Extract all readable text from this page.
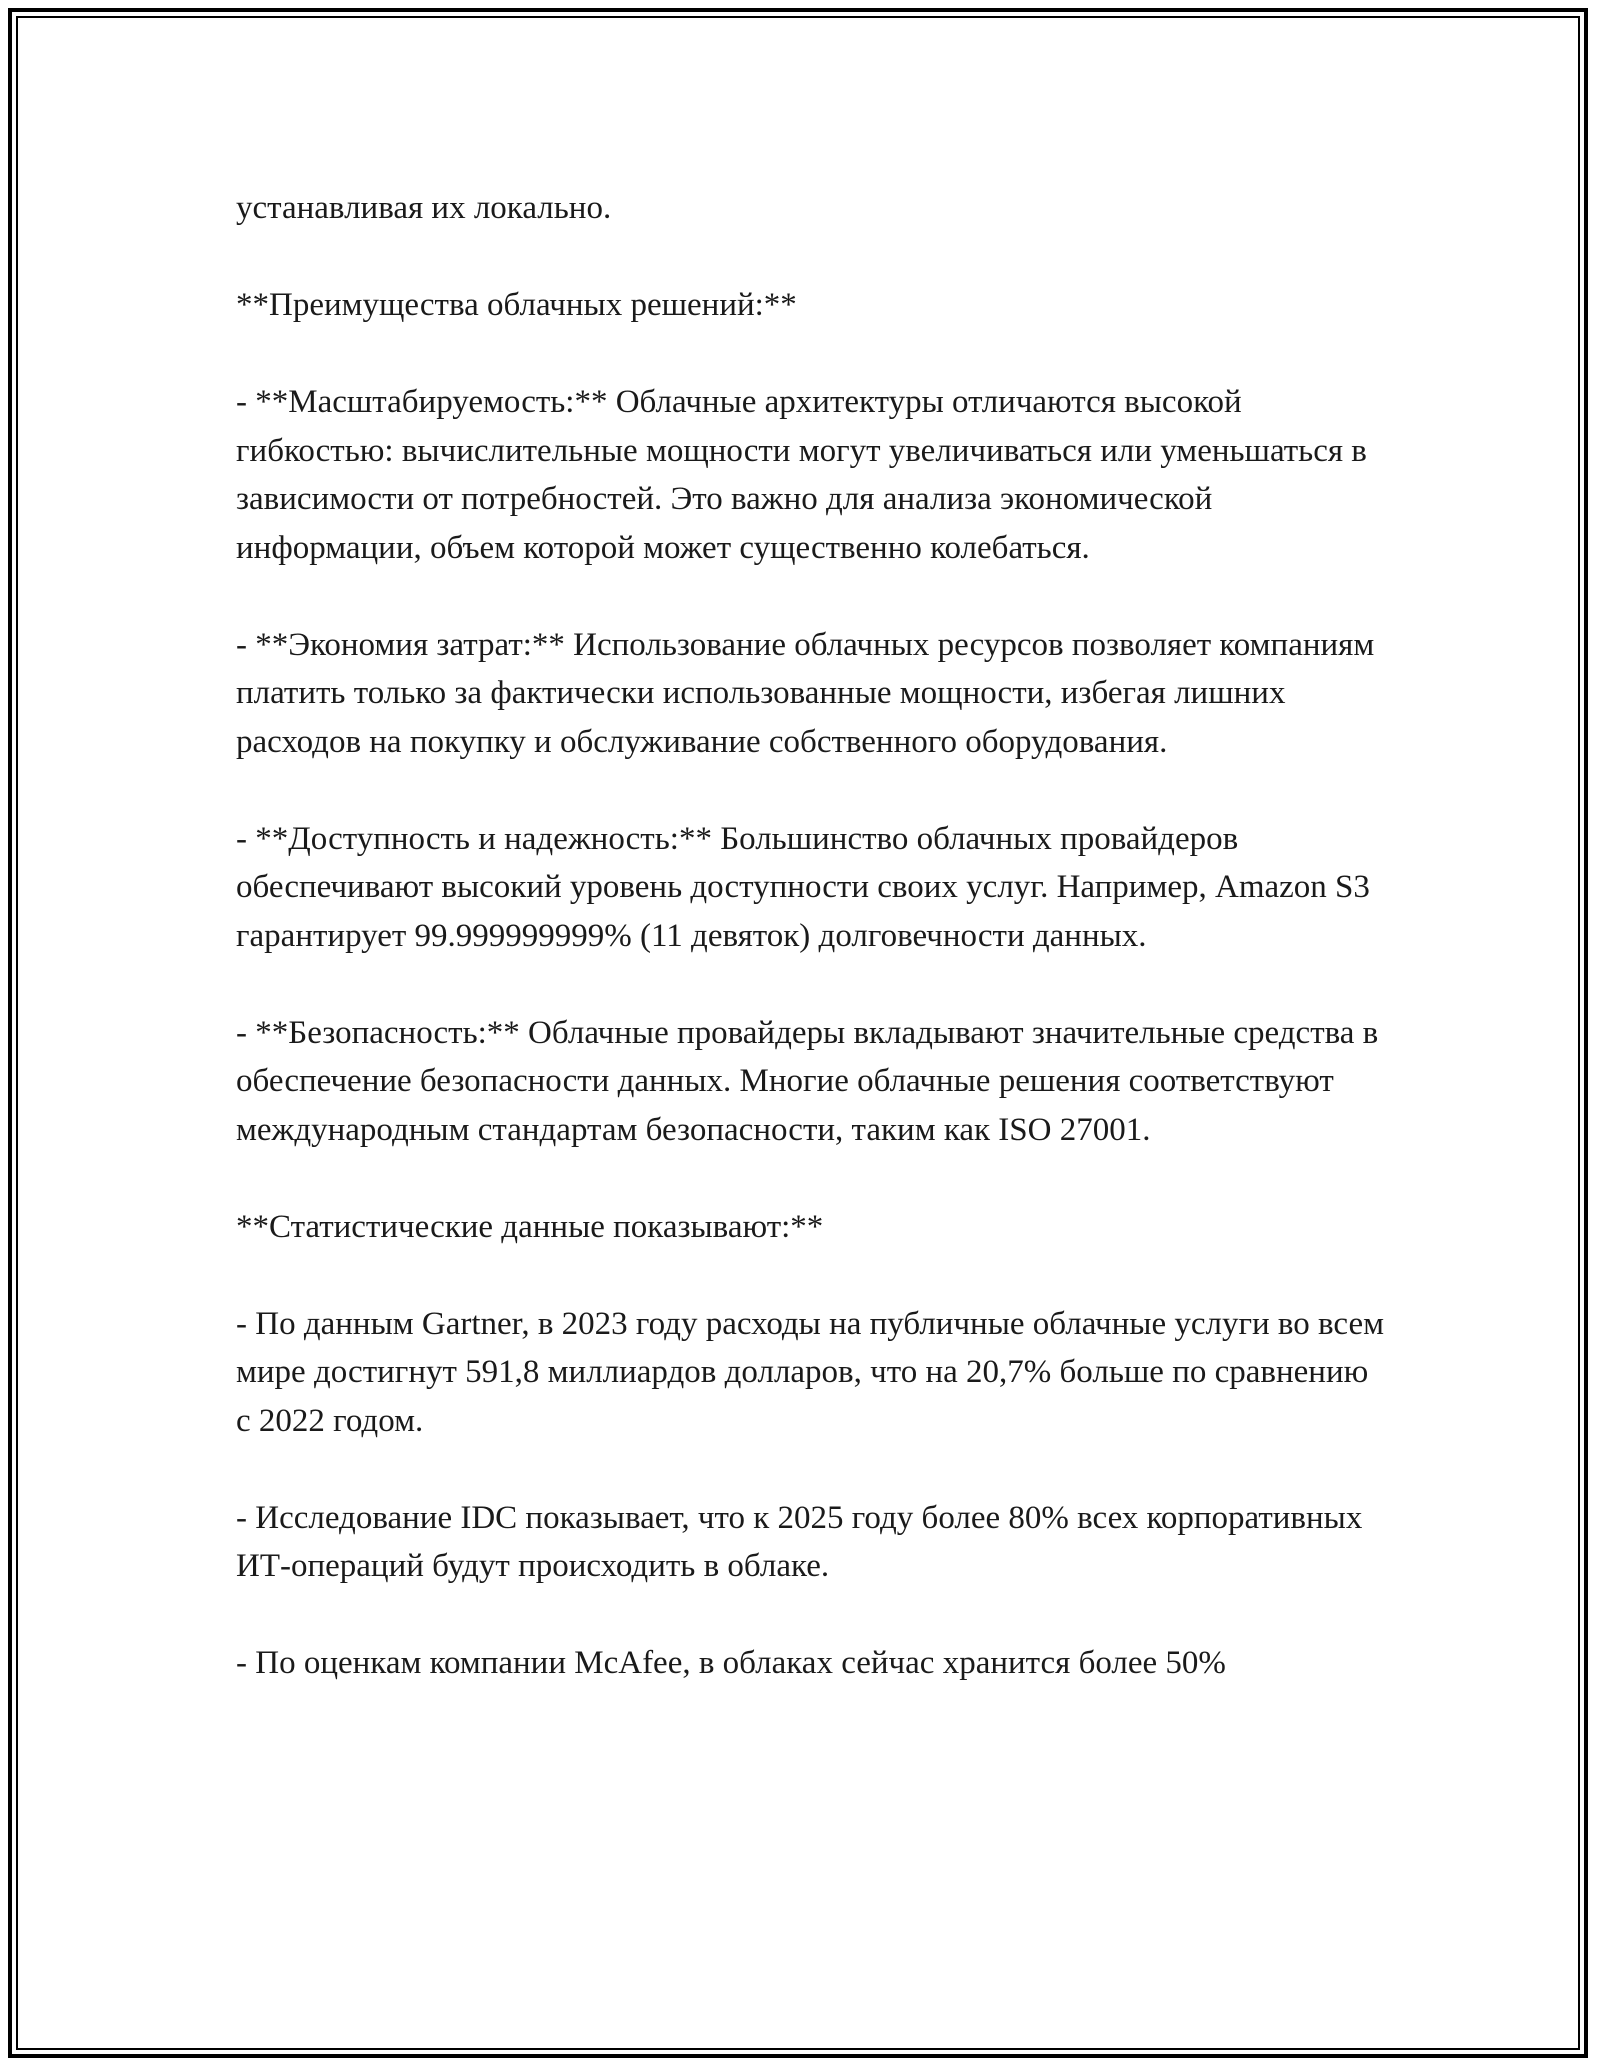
устанавливая их локально.

**Преимущества облачных решений:**

- **Масштабируемость:** Облачные архитектуры отличаются высокой гибкостью: вычислительные мощности могут увеличиваться или уменьшаться в зависимости от потребностей. Это важно для анализа экономической информации, объем которой может существенно колебаться.

- **Экономия затрат:** Использование облачных ресурсов позволяет компаниям платить только за фактически использованные мощности, избегая лишних расходов на покупку и обслуживание собственного оборудования.

- **Доступность и надежность:** Большинство облачных провайдеров обеспечивают высокий уровень доступности своих услуг. Например, Amazon S3 гарантирует 99.999999999% (11 девяток) долговечности данных.

- **Безопасность:** Облачные провайдеры вкладывают значительные средства в обеспечение безопасности данных. Многие облачные решения соответствуют международным стандартам безопасности, таким как ISO 27001.

**Статистические данные показывают:**

- По данным Gartner, в 2023 году расходы на публичные облачные услуги во всем мире достигнут 591,8 миллиардов долларов, что на 20,7% больше по сравнению с 2022 годом.

- Исследование IDC показывает, что к 2025 году более 80% всех корпоративных ИТ-операций будут происходить в облаке.

- По оценкам компании McAfee, в облаках сейчас хранится более 50%
